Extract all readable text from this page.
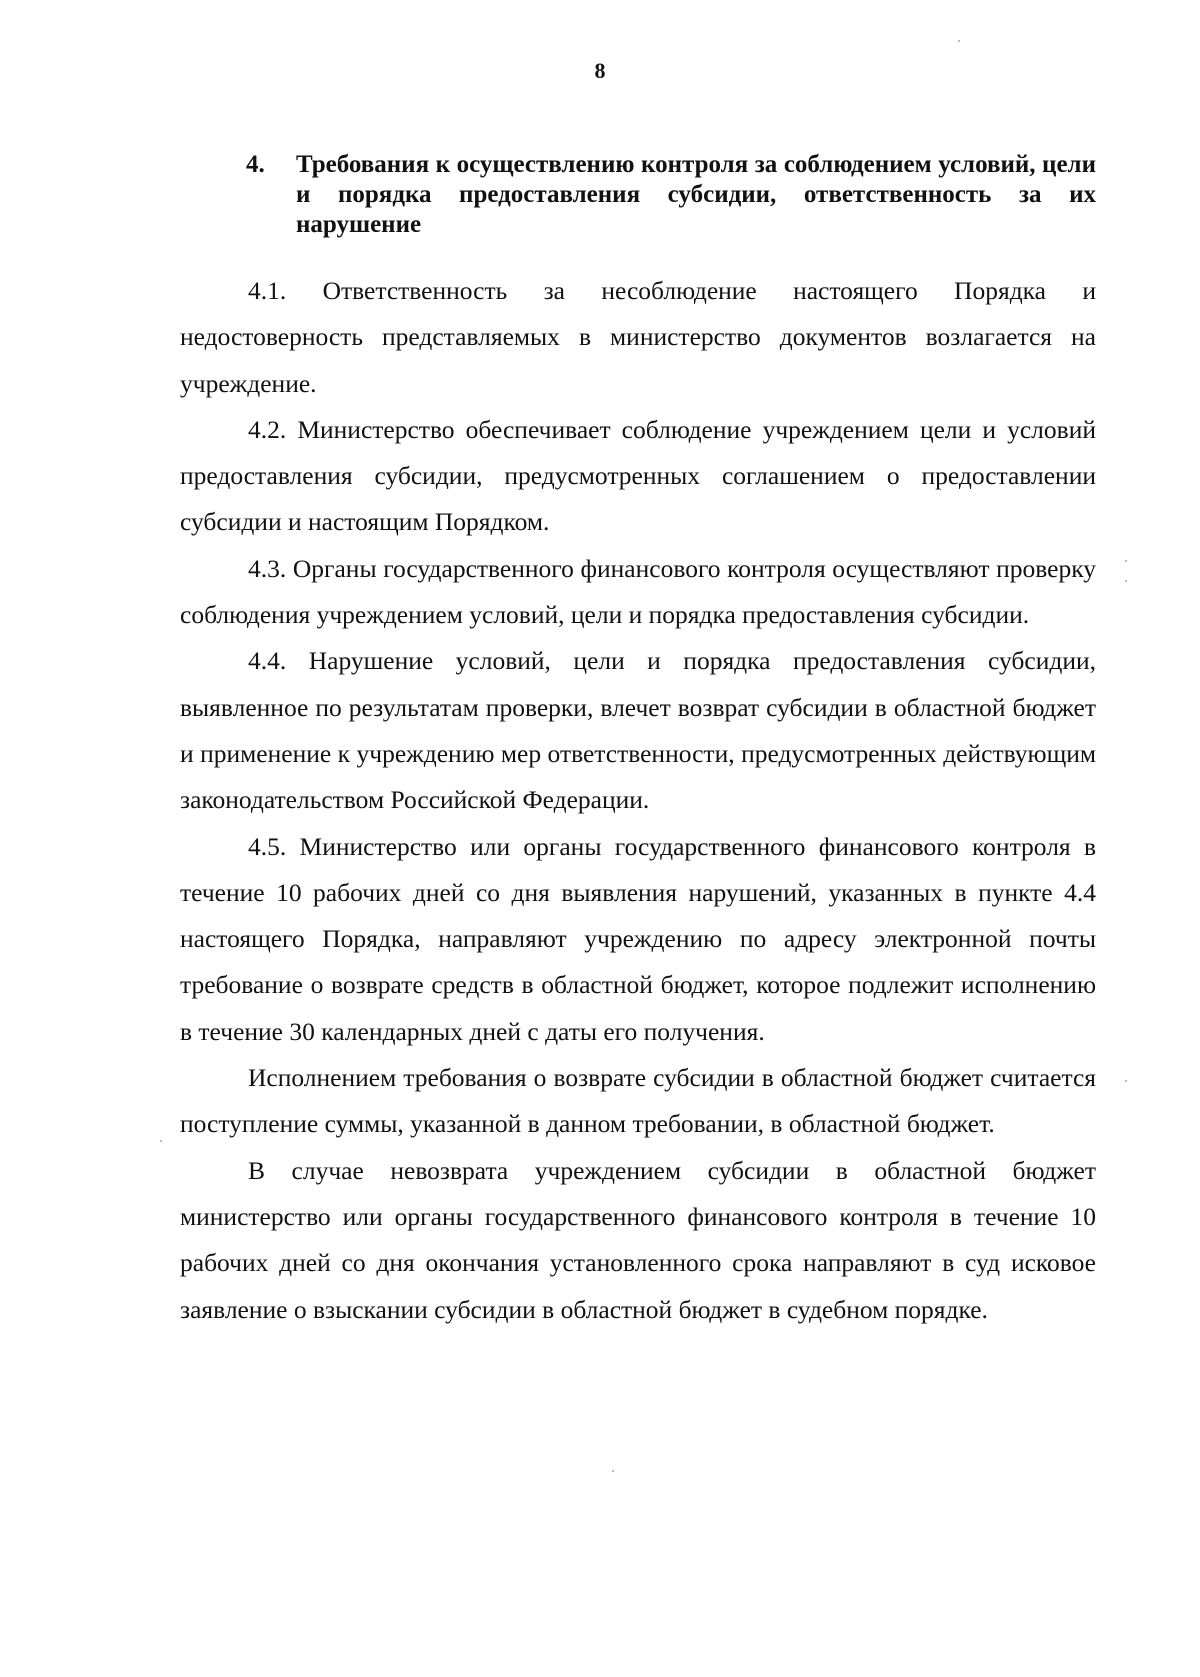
8
4. Требования к осуществлению контроля за соблюдением условий, цели и порядка предоставления субсидии, ответственность за их нарушение

4.1. Ответственность за несоблюдение настоящего Порядка и недостоверность представляемых в министерство документов возлагается на учреждение.

4.2. Министерство обеспечивает соблюдение учреждением цели и условий предоставления субсидии, предусмотренных соглашением о предоставлении субсидии и настоящим Порядком.

4.3. Органы государственного финансового контроля осуществляют проверку соблюдения учреждением условий, цели и порядка предоставления субсидии.

4.4. Нарушение условий, цели и порядка предоставления субсидии, выявленное по результатам проверки, влечет возврат субсидии в областной бюджет и применение к учреждению мер ответственности, предусмотренных действующим законодательством Российской Федерации.

4.5. Министерство или органы государственного финансового контроля в течение 10 рабочих дней со дня выявления нарушений, указанных в пункте 4.4 настоящего Порядка, направляют учреждению по адресу электронной почты требование о возврате средств в областной бюджет, которое подлежит исполнению в течение 30 календарных дней с даты его получения.

Исполнением требования о возврате субсидии в областной бюджет считается поступление суммы, указанной в данном требовании, в областной бюджет.

В случае невозврата учреждением субсидии в областной бюджет министерство или органы государственного финансового контроля в течение 10 рабочих дней со дня окончания установленного срока направляют в суд исковое заявление о взыскании субсидии в областной бюджет в судебном порядке.
